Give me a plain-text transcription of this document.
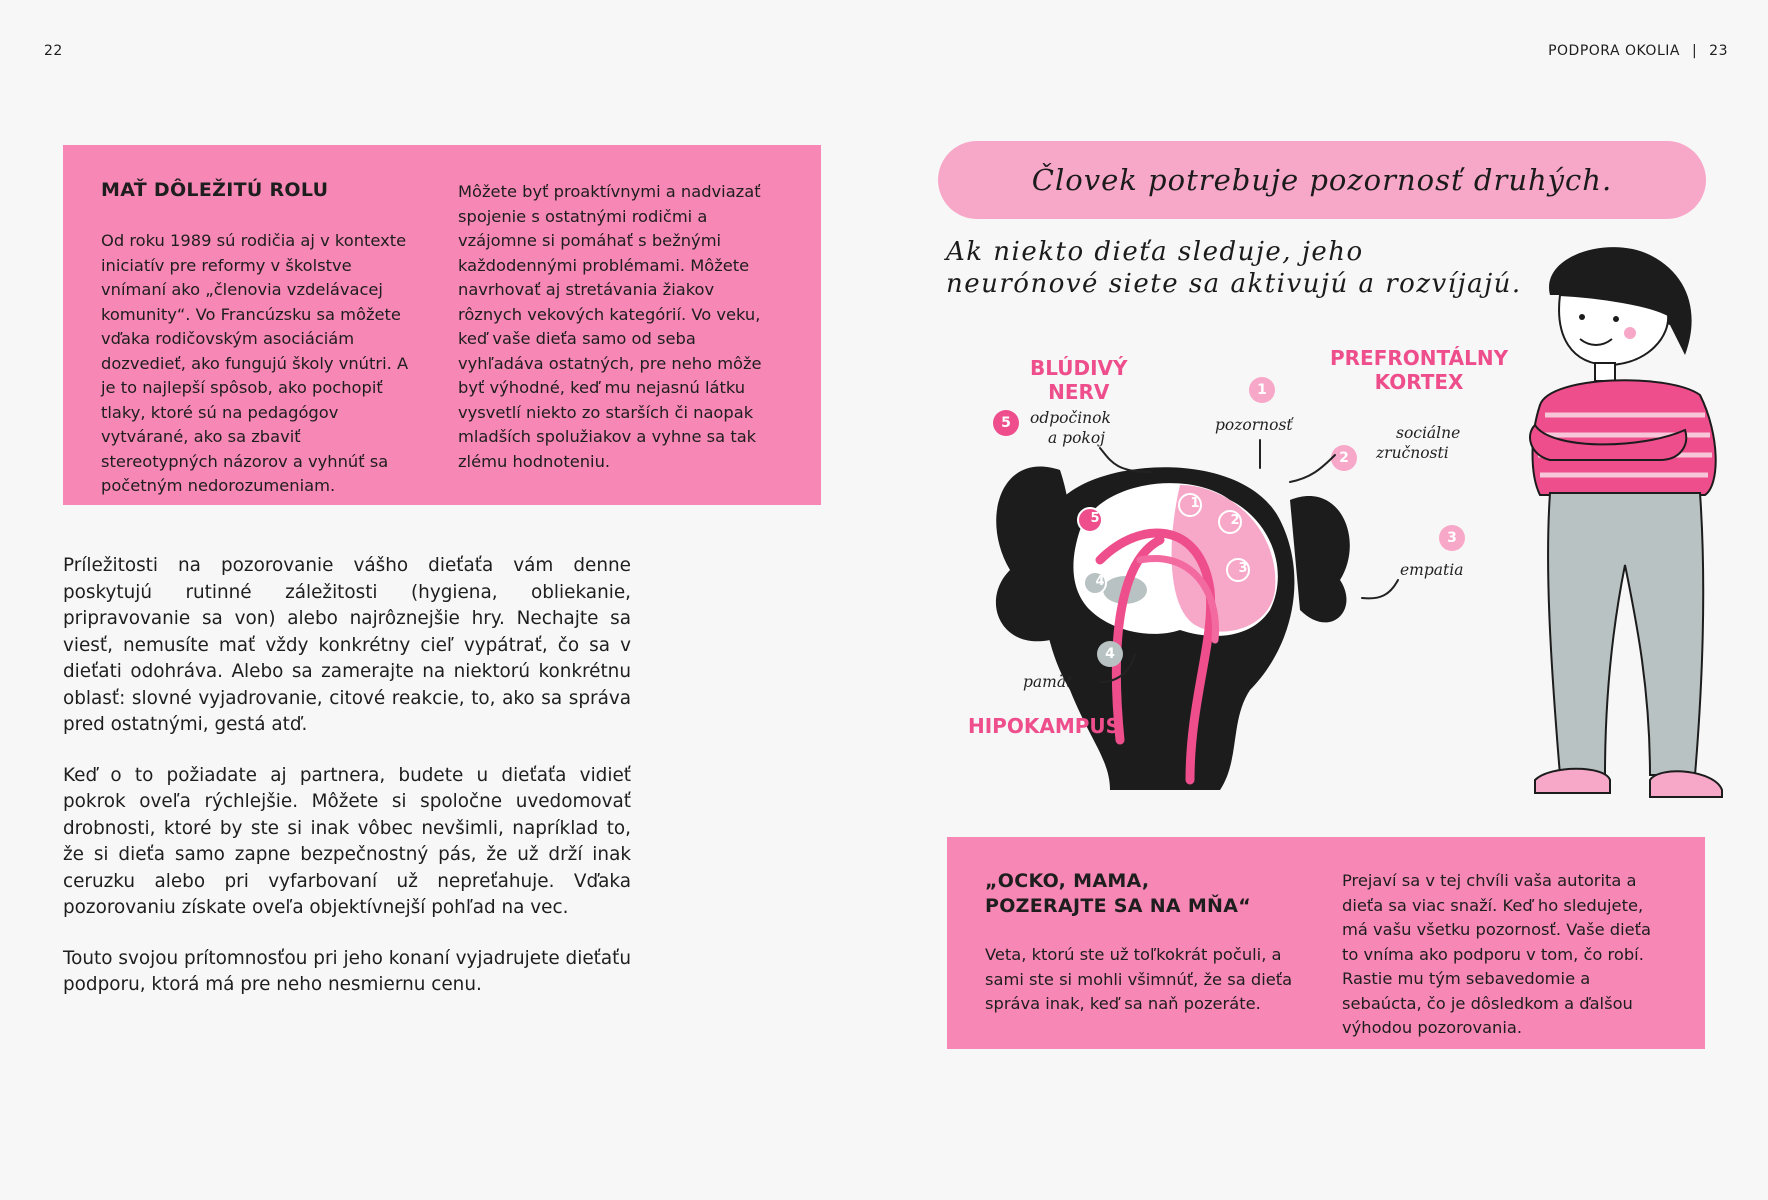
22	PODPORA OKOLIA | 23
MAŤ DÔLEŽITÚ ROLU

Od roku 1989 sú rodičia aj v kontexte iniciatív pre reformy v školstve vnímaní ako „členovia vzdelávacej komunity“. Vo Francúzsku sa môžete vďaka rodičovským asociáciám dozvedieť, ako fungujú školy vnútri. A je to najlepší spôsob, ako pochopiť tlaky, ktoré sú na pedagógov vytvárané, ako sa zbaviť stereotypných názorov a vyhnúť sa početným nedorozumeniam.

Môžete byť proaktívnymi a nadviazať spojenie s ostatnými rodičmi a vzájomne si pomáhať s bežnými každodennými problémami. Môžete navrhovať aj stretávania žiakov rôznych vekových kategórií. Vo veku, keď vaše dieťa samo od seba vyhľadáva ostatných, pre neho môže byť výhodné, keď mu nejasnú látku vysvetlí niekto zo starších či naopak mladších spolužiakov a vyhne sa tak zlému hodnoteniu.

Príležitosti na pozorovanie vášho dieťaťa vám denne poskytujú rutinné záležitosti (hygiena, obliekanie, pripravovanie sa von) alebo najrôznejšie hry. Nechajte sa viesť, nemusíte mať vždy konkrétny cieľ vypátrať, čo sa v dieťati odohráva. Alebo sa zamerajte na niektorú konkrétnu oblasť: slovné vyjadrovanie, citové reakcie, to, ako sa správa pred ostatnými, gestá atď.

Keď o to požiadate aj partnera, budete u dieťaťa vidieť pokrok oveľa rýchlejšie. Môžete si spoločne uvedomovať drobnosti, ktoré by ste si inak vôbec nevšimli, napríklad to, že si dieťa samo zapne bezpečnostný pás, že už drží inak ceruzku alebo pri vyfarbovaní už nepreťahuje. Vďaka pozorovaniu získate oveľa objektívnejší pohľad na vec.

Touto svojou prítomnosťou pri jeho konaní vyjadrujete dieťaťu podporu, ktorá má pre neho nesmiernu cenu.

Človek potrebuje pozornosť druhých.
Ak niekto dieťa sleduje, jeho
neurónové siete sa aktivujú a rozvíjajú.
1
2
3
4
5
BLÚDIVÝ
NERV
PREFRONTÁLNY
KORTEX
HIPOKAMPUS
5
1
2
3
4
odpočinok
a pokoj
pozornosť	sociálne
zručnosti
empatia
pamäť
„OCKO, MAMA,
POZERAJTE SA NA MŇA“

Veta, ktorú ste už toľkokrát počuli, a sami ste si mohli všimnúť, že sa dieťa správa inak, keď sa naň pozeráte.

Prejaví sa v tej chvíli vaša autorita a dieťa sa viac snaží. Keď ho sledujete, má vašu všetku pozornosť. Vaše dieťa to vníma ako podporu v tom, čo robí. Rastie mu tým sebavedomie a sebaúcta, čo je dôsledkom a ďalšou výhodou pozorovania.
